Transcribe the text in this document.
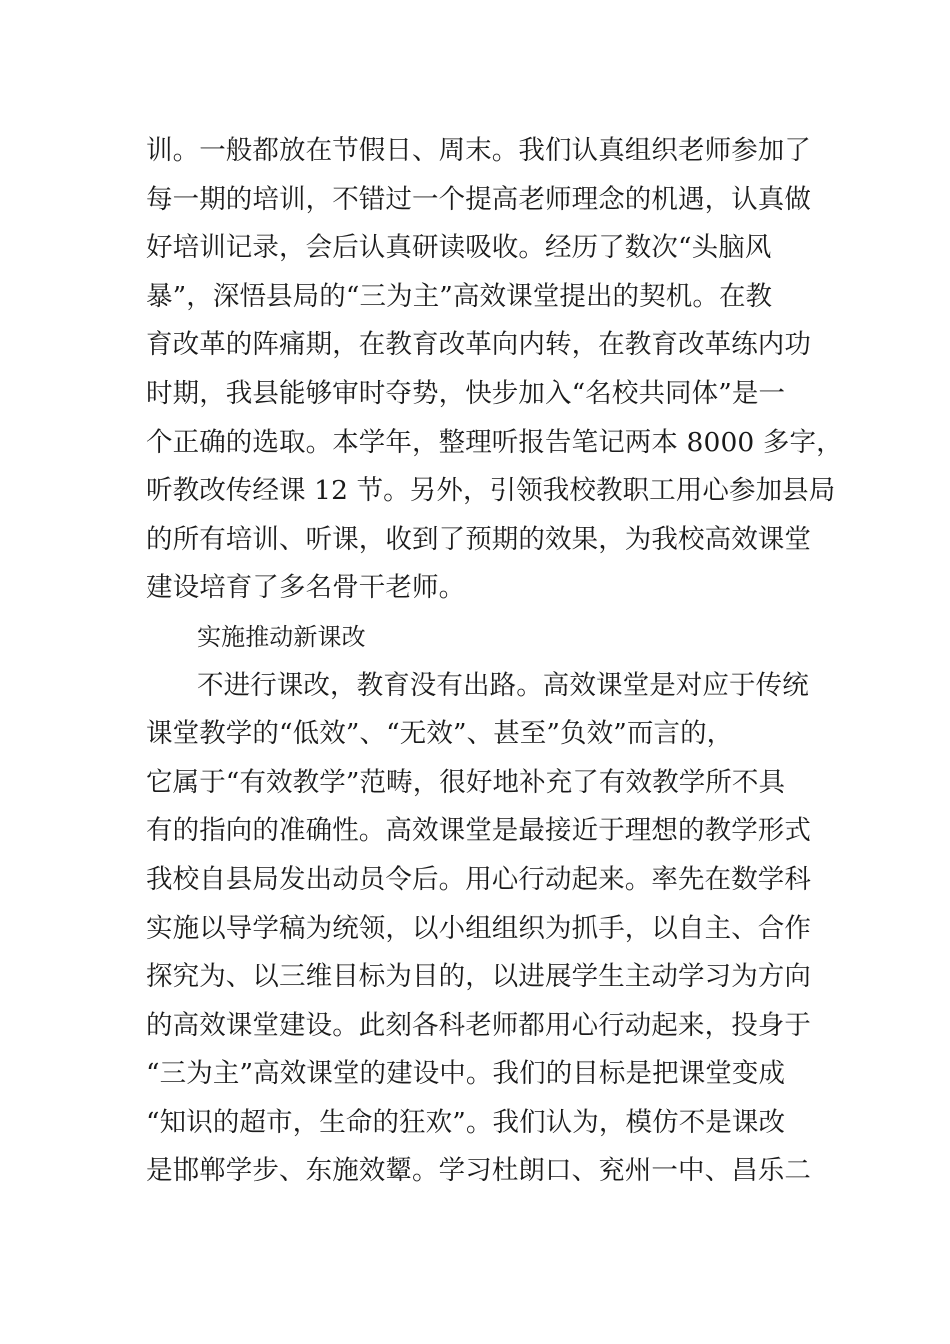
训。一般都放在节假日、周末。我们认真组织老师参加了
每一期的培训，不错过一个提高老师理念的机遇，认真做
好培训记录，会后认真研读吸收。经历了数次“头脑风
暴”，深悟县局的“三为主”高效课堂提出的契机。在教
育改革的阵痛期，在教育改革向内转，在教育改革练内功
时期，我县能够审时夺势，快步加入“名校共同体”是一
个正确的选取。本学年，整理听报告笔记两本 8000 多字，
听教改传经课 12 节。另外，引领我校教职工用心参加县局
的所有培训、听课，收到了预期的效果，为我校高效课堂
建设培育了多名骨干老师。
实施推动新课改
不进行课改，教育没有出路。高效课堂是对应于传统
课堂教学的“低效”、“无效”、甚至”负效”而言的，
它属于“有效教学”范畴，很好地补充了有效教学所不具
有的指向的准确性。高效课堂是最接近于理想的教学形式
我校自县局发出动员令后。用心行动起来。率先在数学科
实施以导学稿为统领，以小组组织为抓手，以自主、合作
探究为、以三维目标为目的，以进展学生主动学习为方向
的高效课堂建设。此刻各科老师都用心行动起来，投身于
“三为主”高效课堂的建设中。我们的目标是把课堂变成
“知识的超市，生命的狂欢”。我们认为，模仿不是课改
是邯郸学步、东施效颦。学习杜朗口、兖州一中、昌乐二
